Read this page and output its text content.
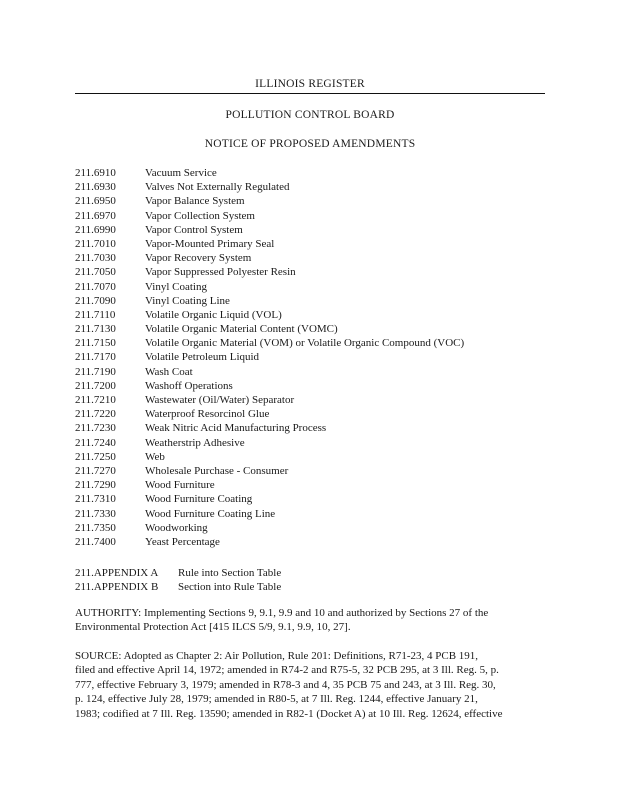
ILLINOIS REGISTER
POLLUTION CONTROL BOARD
NOTICE OF PROPOSED AMENDMENTS
211.6910	Vacuum Service
211.6930	Valves Not Externally Regulated
211.6950	Vapor Balance System
211.6970	Vapor Collection System
211.6990	Vapor Control System
211.7010	Vapor-Mounted Primary Seal
211.7030	Vapor Recovery System
211.7050	Vapor Suppressed Polyester Resin
211.7070	Vinyl Coating
211.7090	Vinyl Coating Line
211.7110	Volatile Organic Liquid (VOL)
211.7130	Volatile Organic Material Content (VOMC)
211.7150	Volatile Organic Material (VOM) or Volatile Organic Compound (VOC)
211.7170	Volatile Petroleum Liquid
211.7190	Wash Coat
211.7200	Washoff Operations
211.7210	Wastewater (Oil/Water) Separator
211.7220	Waterproof Resorcinol Glue
211.7230	Weak Nitric Acid Manufacturing Process
211.7240	Weatherstrip Adhesive
211.7250	Web
211.7270	Wholesale Purchase - Consumer
211.7290	Wood Furniture
211.7310	Wood Furniture Coating
211.7330	Wood Furniture Coating Line
211.7350	Woodworking
211.7400	Yeast Percentage
211.APPENDIX A Rule into Section Table
211.APPENDIX B Section into Rule Table
AUTHORITY: Implementing Sections 9, 9.1, 9.9 and 10 and authorized by Sections 27 of the
Environmental Protection Act [415 ILCS 5/9, 9.1, 9.9, 10, 27].
SOURCE: Adopted as Chapter 2: Air Pollution, Rule 201: Definitions, R71-23, 4 PCB 191,
filed and effective April 14, 1972; amended in R74-2 and R75-5, 32 PCB 295, at 3 Ill. Reg. 5, p.
777, effective February 3, 1979; amended in R78-3 and 4, 35 PCB 75 and 243, at 3 Ill. Reg. 30,
p. 124, effective July 28, 1979; amended in R80-5, at 7 Ill. Reg. 1244, effective January 21,
1983; codified at 7 Ill. Reg. 13590; amended in R82-1 (Docket A) at 10 Ill. Reg. 12624, effective
